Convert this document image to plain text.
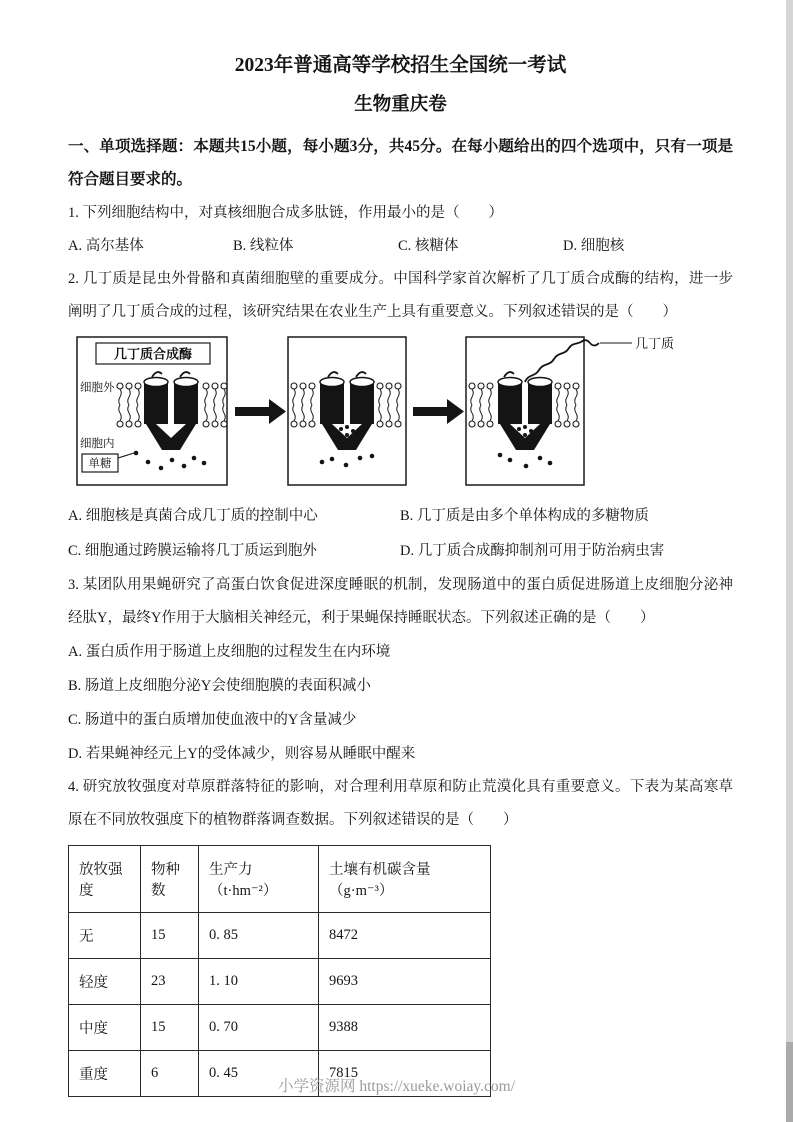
2023年普通高等学校招生全国统一考试
生物重庆卷

一、单项选择题：本题共15小题，每小题3分，共45分。在每小题给出的四个选项中，只有一项是符合题目要求的。

1. 下列细胞结构中，对真核细胞合成多肽链，作用最小的是（　　）

A. 高尔基体	B. 线粒体	C. 核糖体	D. 细胞核

2. 几丁质是昆虫外骨骼和真菌细胞壁的重要成分。中国科学家首次解析了几丁质合成酶的结构，进一步阐明了几丁质合成的过程，该研究结果在农业生产上具有重要意义。下列叙述错误的是（　　）

几丁质合成酶
细胞外
细胞内
单糖
几丁质
A. 细胞核是真菌合成几丁质的控制中心	B. 几丁质是由多个单体构成的多糖物质
C. 细胞通过跨膜运输将几丁质运到胞外	D. 几丁质合成酶抑制剂可用于防治病虫害

3. 某团队用果蝇研究了高蛋白饮食促进深度睡眠的机制，发现肠道中的蛋白质促进肠道上皮细胞分泌神经肽Y，最终Y作用于大脑相关神经元，利于果蝇保持睡眠状态。下列叙述正确的是（　　）

A. 蛋白质作用于肠道上皮细胞的过程发生在内环境
B. 肠道上皮细胞分泌Y会使细胞膜的表面积减小
C. 肠道中的蛋白质增加使血液中的Y含量减少
D. 若果蝇神经元上Y的受体减少，则容易从睡眠中醒来

4. 研究放牧强度对草原群落特征的影响，对合理利用草原和防止荒漠化具有重要意义。下表为某高寒草原在不同放牧强度下的植物群落调查数据。下列叙述错误的是（　　）

放牧强度	物种数	生产力（t·hm⁻²）	土壤有机碳含量（g·m⁻³）
无	15	0. 85	8472
轻度	23	1. 10	9693
中度	15	0. 70	9388
重度	6	0. 45	7815
小学资源网 https://xueke.woiay.com/
